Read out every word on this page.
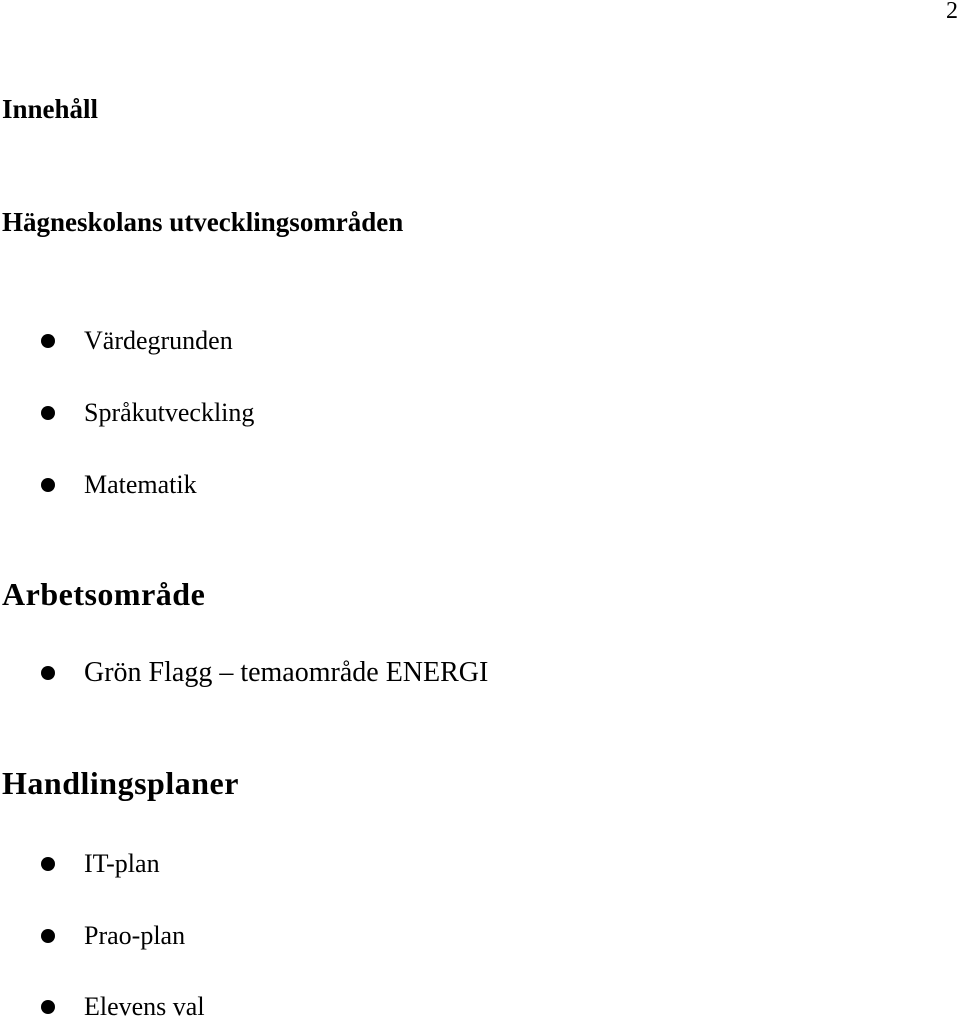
2
Innehåll
Hägneskolans utvecklingsområden
Värdegrunden
Språkutveckling
Matematik
Arbetsområde
Grön Flagg – temaområde ENERGI
Handlingsplaner
IT-plan
Prao-plan
Elevens val
